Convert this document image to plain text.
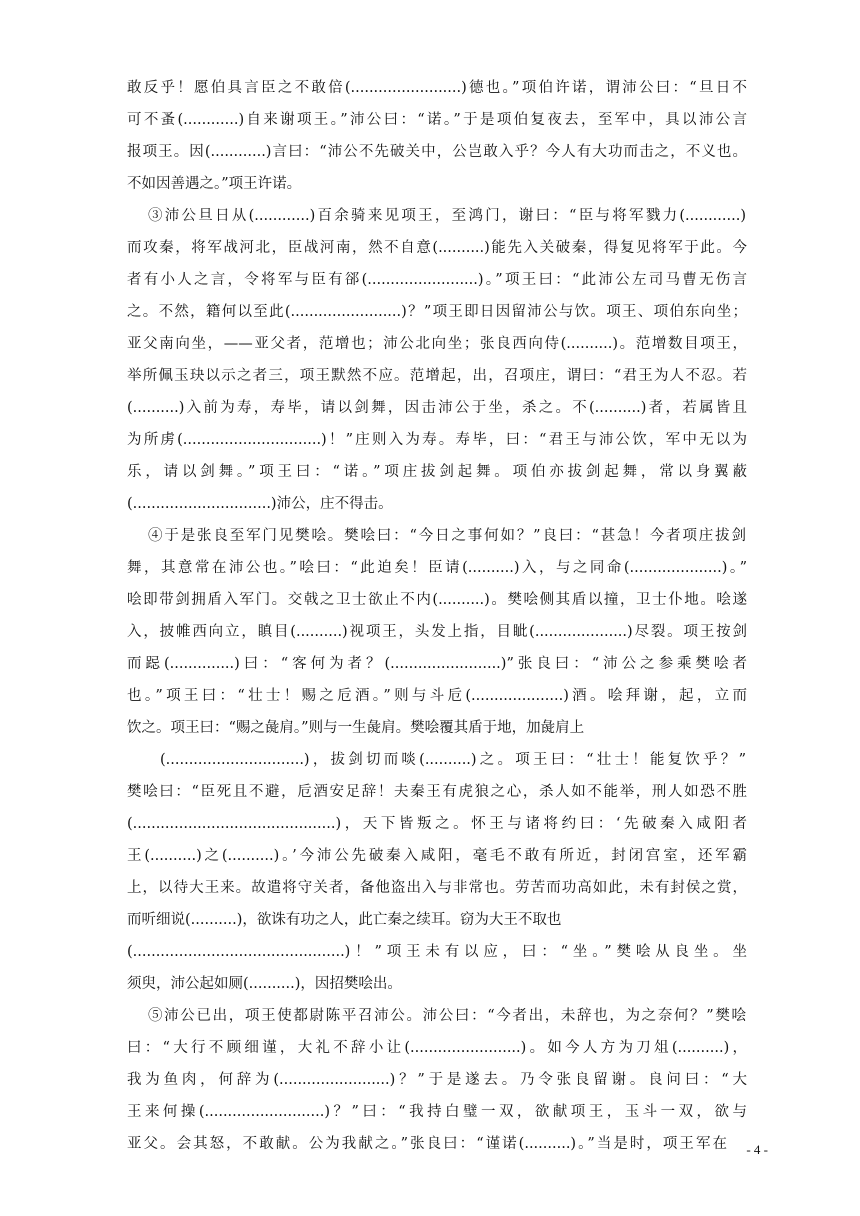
敢反乎！愿伯具言臣之不敢倍(........................)德也。”项伯许诺，谓沛公曰：“旦日不
可不蚤(............)自来谢项王。”沛公曰：“诺。”于是项伯复夜去，至军中，具以沛公言
报项王。因(............)言曰：“沛公不先破关中，公岂敢入乎？今人有大功而击之，不义也。
不如因善遇之。”项王许诺。
③沛公旦日从(............)百余骑来见项王，至鸿门，谢曰：“臣与将军戮力(............)
而攻秦，将军战河北，臣战河南，然不自意(..........)能先入关破秦，得复见将军于此。今
者有小人之言，令将军与臣有郤(........................)。”项王曰：“此沛公左司马曹无伤言
之。不然，籍何以至此(........................)？”项王即日因留沛公与饮。项王、项伯东向坐；
亚父南向坐，——亚父者，范增也；沛公北向坐；张良西向侍(..........)。范增数目项王，
举所佩玉玦以示之者三，项王默然不应。范增起，出，召项庄，谓曰：“君王为人不忍。若
(..........)入前为寿，寿毕，请以剑舞，因击沛公于坐，杀之。不(..........)者，若属皆且
为所虏(..............................)！”庄则入为寿。寿毕，曰：“君王与沛公饮，军中无以为
乐，请以剑舞。”项王曰：“诺。”项庄拔剑起舞。项伯亦拔剑起舞，常以身翼蔽
(..............................)沛公，庄不得击。
④于是张良至军门见樊哙。樊哙曰：“今日之事何如？”良曰：“甚急！今者项庄拔剑
舞，其意常在沛公也。”哙曰：“此迫矣！臣请(..........)入，与之同命(....................)。”
哙即带剑拥盾入军门。交戟之卫士欲止不内(..........)。樊哙侧其盾以撞，卫士仆地。哙遂
入，披帷西向立，瞋目(..........)视项王，头发上指，目眦(....................)尽裂。项王按剑
而跽(..............)曰：“客何为者？(........................)”张良曰：“沛公之参乘樊哙者
也。”项王曰：“壮士！赐之卮酒。”则与斗卮(....................)酒。哙拜谢，起，立而
饮之。项王曰：“赐之彘肩。”则与一生彘肩。樊哙覆其盾于地，加彘肩上
(..............................)，拔剑切而啖(..........)之。项王曰：“壮士！能复饮乎？”
樊哙曰：“臣死且不避，卮酒安足辞！夫秦王有虎狼之心，杀人如不能举，刑人如恐不胜
(............................................)，天下皆叛之。怀王与诸将约曰：‘先破秦入咸阳者
王(..........)之(..........)。’今沛公先破秦入咸阳，毫毛不敢有所近，封闭宫室，还军霸
上，以待大王来。故遣将守关者，备他盗出入与非常也。劳苦而功高如此，未有封侯之赏，
而听细说(..........)，欲诛有功之人，此亡秦之续耳。窃为大王不取也
(..............................................)！”项王未有以应，曰：“坐。”樊哙从良坐。坐
须臾，沛公起如厕(..........)，因招樊哙出。
⑤沛公已出，项王使都尉陈平召沛公。沛公曰：“今者出，未辞也，为之奈何？”樊哙
曰：“大行不顾细谨，大礼不辞小让(........................)。如今人方为刀俎(..........)，
我为鱼肉，何辞为(........................)？”于是遂去。乃令张良留谢。良问曰：“大
王来何操(..........................)？”曰：“我持白璧一双，欲献项王，玉斗一双，欲与
亚父。会其怒，不敢献。公为我献之。”张良曰：“谨诺(..........)。”当是时，项王军在	- 4 -
